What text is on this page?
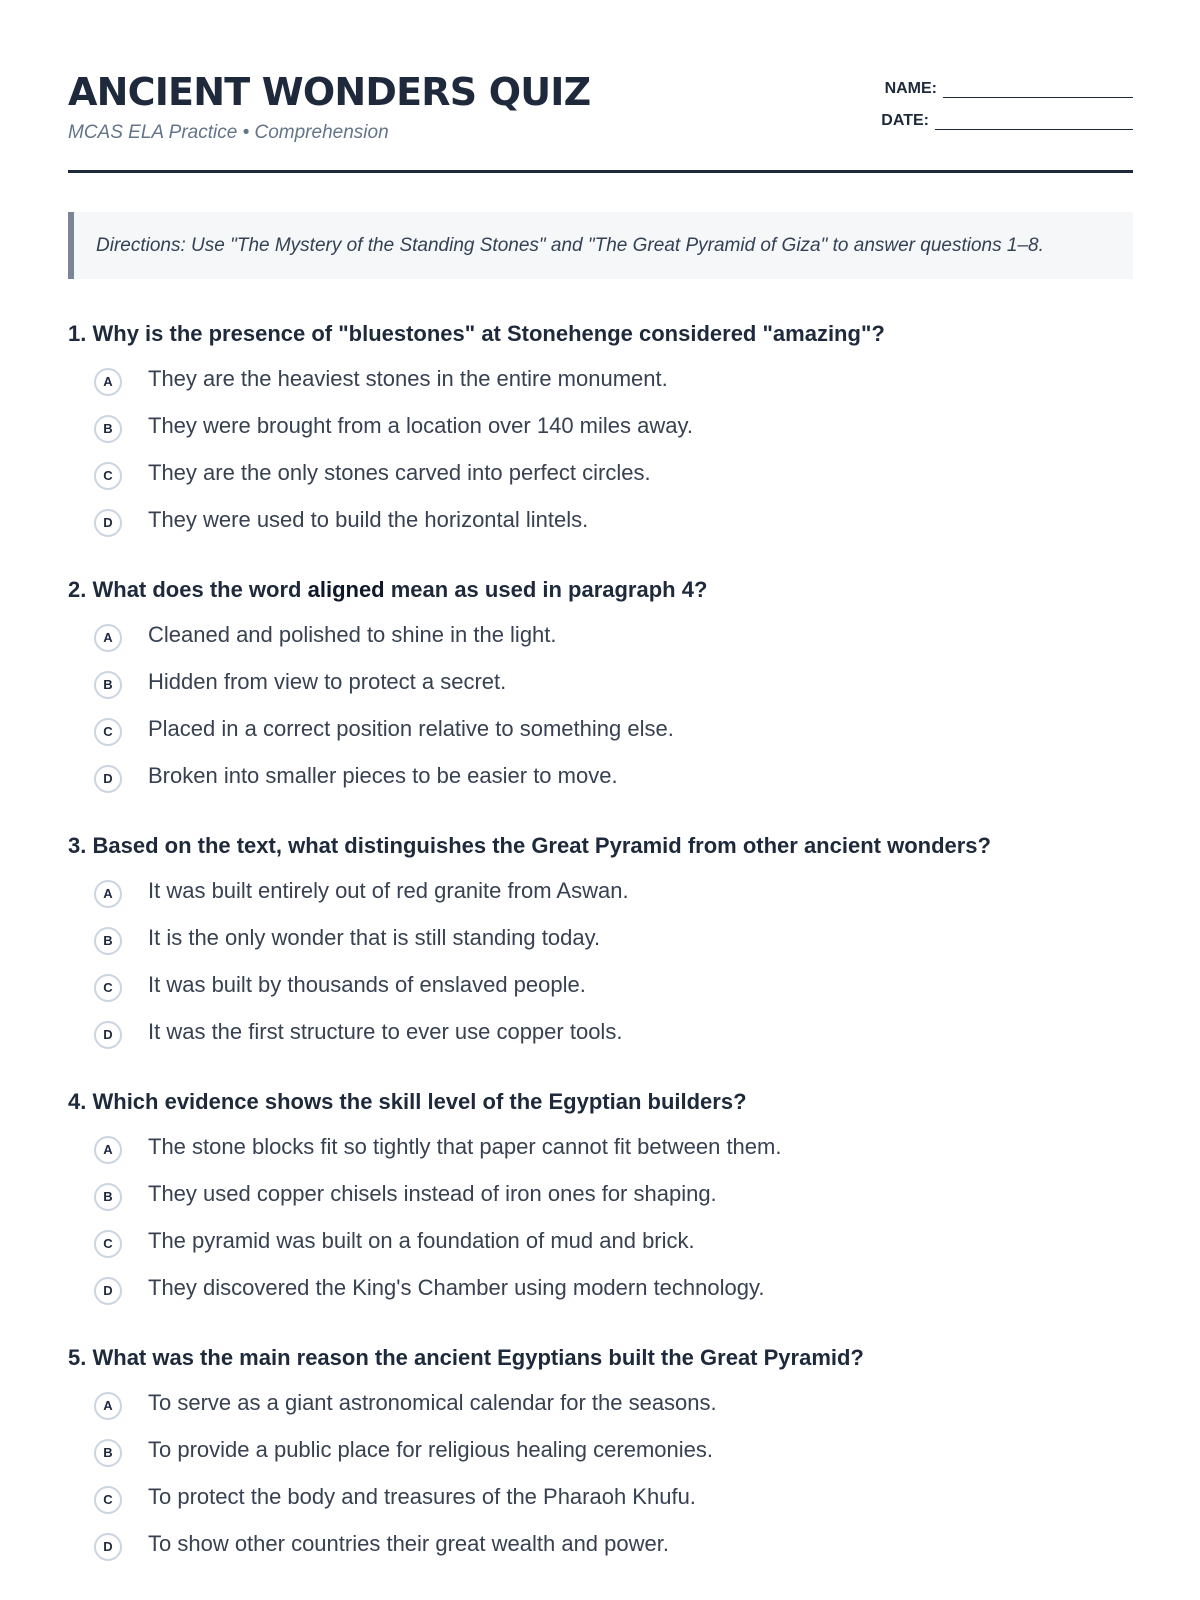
ANCIENT WONDERS QUIZ
MCAS ELA Practice • Comprehension
NAME:
DATE:
Directions: Use "The Mystery of the Standing Stones" and "The Great Pyramid of Giza" to answer questions 1–8.
1. Why is the presence of "bluestones" at Stonehenge considered "amazing"?
A	They are the heaviest stones in the entire monument.
B	They were brought from a location over 140 miles away.
C	They are the only stones carved into perfect circles.
D	They were used to build the horizontal lintels.
2. What does the word aligned mean as used in paragraph 4?
A	Cleaned and polished to shine in the light.
B	Hidden from view to protect a secret.
C	Placed in a correct position relative to something else.
D	Broken into smaller pieces to be easier to move.
3. Based on the text, what distinguishes the Great Pyramid from other ancient wonders?
A	It was built entirely out of red granite from Aswan.
B	It is the only wonder that is still standing today.
C	It was built by thousands of enslaved people.
D	It was the first structure to ever use copper tools.
4. Which evidence shows the skill level of the Egyptian builders?
A	The stone blocks fit so tightly that paper cannot fit between them.
B	They used copper chisels instead of iron ones for shaping.
C	The pyramid was built on a foundation of mud and brick.
D	They discovered the King's Chamber using modern technology.
5. What was the main reason the ancient Egyptians built the Great Pyramid?
A	To serve as a giant astronomical calendar for the seasons.
B	To provide a public place for religious healing ceremonies.
C	To protect the body and treasures of the Pharaoh Khufu.
D	To show other countries their great wealth and power.
